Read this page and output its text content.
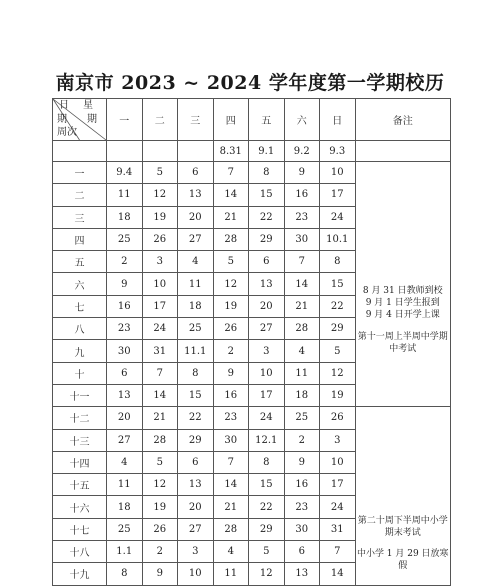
南京市 2023 ~ 2024 学年度第一学期校历
日 星
期 期
周次	一	二	三	四	五	六	日	备注
				8.31	9.1	9.2	9.3	
一	9.4	5	6	7	8	9	10	8 月 31 日教师到校
9 月 1 日学生报到
9 月 4 日开学上课
第十一周上半周中学期中考试

二	11	12	13	14	15	16	17	
三	18	19	20	21	22	23	24	
四	25	26	27	28	29	30	10.1	
五	2	3	4	5	6	7	8	
六	9	10	11	12	13	14	15	
七	16	17	18	19	20	21	22	
八	23	24	25	26	27	28	29	
九	30	31	11.1	2	3	4	5	
十	6	7	8	9	10	11	12	
十一	13	14	15	16	17	18	19	
十二	20	21	22	23	24	25	26	第二十周下半周中小学期末考试
中小学 1 月 29 日放寒假

十三	27	28	29	30	12.1	2	3	
十四	4	5	6	7	8	9	10	
十五	11	12	13	14	15	16	17	
十六	18	19	20	21	22	23	24	
十七	25	26	27	28	29	30	31	
十八	1.1	2	3	4	5	6	7	
十九	8	9	10	11	12	13	14	
